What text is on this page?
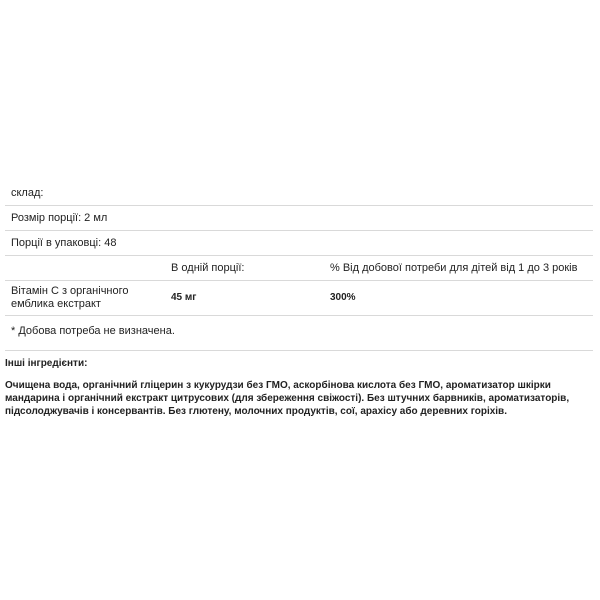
склад:
Розмір порції: 2 мл
Порції в упаковці: 48
В одній порції:	% Від добової потреби для дітей від 1 до 3 років
Вітамін C з органічного емблика екстракт
45 мг	300%
* Добова потреба не визначена.
Інші інгредієнти:
Очищена вода, органічний гліцерин з кукурудзи без ГМО, аскорбінова кислота без ГМО, ароматизатор шкірки мандарина і органічний екстракт цитрусових (для збереження свіжості). Без штучних барвників, ароматизаторів, підсолоджувачів і консервантів. Без глютену, молочних продуктів, сої, арахісу або деревних горіхів.
